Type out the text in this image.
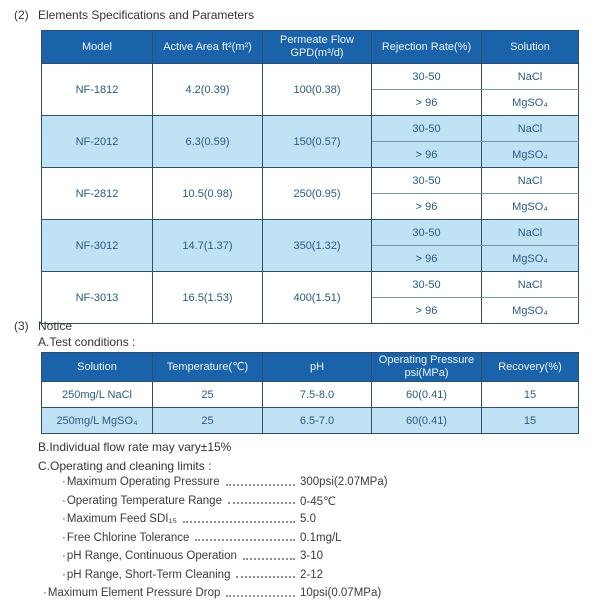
(2) Elements Specifications and Parameters
Model	Active Area ft²(m²)	Permeate Flow GPD(m³/d)	Rejection Rate(%)	Solution
NF-1812	4.2(0.39)	100(0.38)	30-50	NaCl
			> 96	MgSO₄
NF-2012	6.3(0.59)	150(0.57)	30-50	NaCl
			> 96	MgSO₄
NF-2812	10.5(0.98)	250(0.95)	30-50	NaCl
			> 96	MgSO₄
NF-3012	14.7(1.37)	350(1.32)	30-50	NaCl
			> 96	MgSO₄
NF-3013	16.5(1.53)	400(1.51)	30-50	NaCl
			> 96	MgSO₄
(3) Notice
A.Test conditions :
Solution	Temperature(℃)	pH	Operating Pressure psi(MPa)	Recovery(%)
250mg/L NaCl	25	7.5-8.0	60(0.41)	15
250mg/L MgSO₄	25	6.5-7.0	60(0.41)	15
B.Individual flow rate may vary±15%
C.Operating and cleaning limits :
· Maximum Operating Pressure	300psi(2.07MPa)
· Operating Temperature Range	0-45℃
· Maximum Feed SDI₁₅	5.0
· Free Chlorine Tolerance	0.1mg/L
· pH Range, Continuous Operation	3-10
· pH Range, Short-Term Cleaning	2-12
· Maximum Element Pressure Drop	10psi(0.07MPa)
